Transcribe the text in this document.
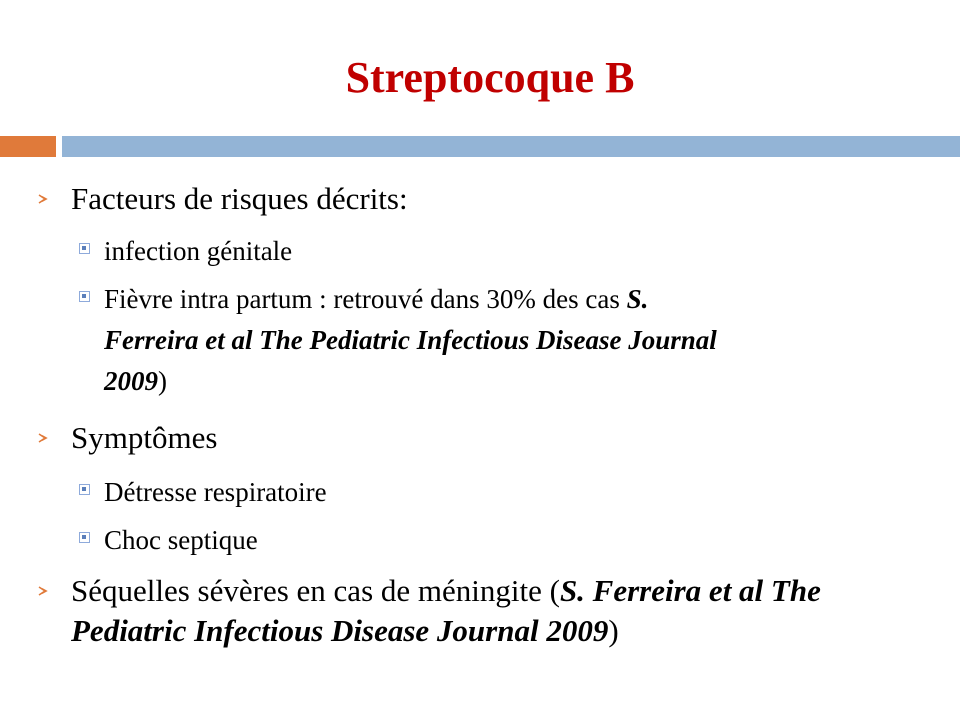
Streptocoque B
Facteurs de risques décrits:
infection génitale
Fièvre intra partum : retrouvé dans 30% des cas S.
Ferreira et al The Pediatric Infectious Disease Journal
2009)
Symptômes
Détresse respiratoire
Choc septique
Séquelles sévères en cas de méningite (S. Ferreira et al The
Pediatric Infectious Disease Journal 2009)
